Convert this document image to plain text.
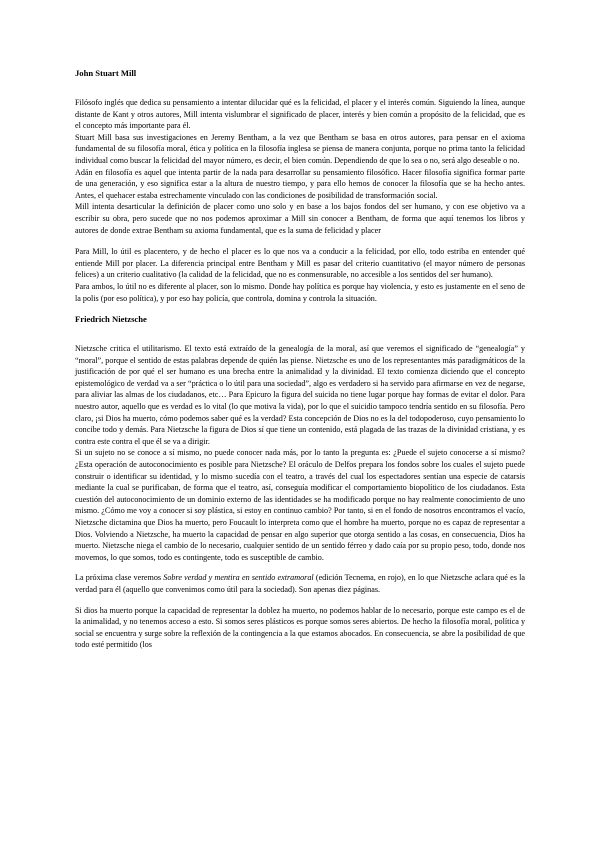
John Stuart Mill

Filósofo inglés que dedica su pensamiento a intentar dilucidar qué es la felicidad, el placer y el interés común. Siguiendo la línea, aunque distante de Kant y otros autores, Mill intenta vislumbrar el significado de placer, interés y bien común a propósito de la felicidad, que es el concepto más importante para él.

Stuart Mill basa sus investigaciones en Jeremy Bentham, a la vez que Bentham se basa en otros autores, para pensar en el axioma fundamental de su filosofía moral, ética y política en la filosofía inglesa se piensa de manera conjunta, porque no prima tanto la felicidad individual como buscar la felicidad del mayor número, es decir, el bien común. Dependiendo de que lo sea o no, será algo deseable o no.

Adán en filosofía es aquel que intenta partir de la nada para desarrollar su pensamiento filosófico. Hacer filosofía significa formar parte de una generación, y eso significa estar a la altura de nuestro tiempo, y para ello hemos de conocer la filosofía que se ha hecho antes. Antes, el quehacer estaba estrechamente vinculado con las condiciones de posibilidad de transformación social.

Mill intenta desarticular la definición de placer como uno solo y en base a los bajos fondos del ser humano, y con ese objetivo va a escribir su obra, pero sucede que no nos podemos aproximar a Mill sin conocer a Bentham, de forma que aquí tenemos los libros y autores de donde extrae Bentham su axioma fundamental, que es la suma de felicidad y placer

Para Mill, lo útil es placentero, y de hecho el placer es lo que nos va a conducir a la felicidad, por ello, todo estriba en entender qué entiende Mill por placer. La diferencia principal entre Bentham y Mill es pasar del criterio cuantitativo (el mayor número de personas felices) a un criterio cualitativo (la calidad de la felicidad, que no es conmensurable, no accesible a los sentidos del ser humano).

Para ambos, lo útil no es diferente al placer, son lo mismo. Donde hay política es porque hay violencia, y esto es justamente en el seno de la polis (por eso política), y por eso hay policía, que controla, domina y controla la situación.

Friedrich Nietzsche

Nietzsche critica el utilitarismo. El texto está extraído de la genealogía de la moral, así que veremos el significado de “genealogía” y “moral”, porque el sentido de estas palabras depende de quién las piense. Nietzsche es uno de los representantes más paradigmáticos de la justificación de por qué el ser humano es una brecha entre la animalidad y la divinidad. El texto comienza diciendo que el concepto epistemológico de verdad va a ser “práctica o lo útil para una sociedad”, algo es verdadero si ha servido para afirmarse en vez de negarse, para aliviar las almas de los ciudadanos, etc… Para Epicuro la figura del suicida no tiene lugar porque hay formas de evitar el dolor. Para nuestro autor, aquello que es verdad es lo vital (lo que motiva la vida), por lo que el suicidio tampoco tendría sentido en su filosofía. Pero claro, ¡si Dios ha muerto, cómo podemos saber qué es la verdad? Esta concepción de Dios no es la del todopoderoso, cuyo pensamiento lo concibe todo y demás. Para Nietzsche la figura de Dios sí que tiene un contenido, está plagada de las trazas de la divinidad cristiana, y es contra este contra el que él se va a dirigir.

Si un sujeto no se conoce a sí mismo, no puede conocer nada más, por lo tanto la pregunta es: ¿Puede el sujeto conocerse a sí mismo? ¿Esta operación de autoconocimiento es posible para Nietzsche? El oráculo de Delfos prepara los fondos sobre los cuales el sujeto puede construir o identificar su identidad, y lo mismo sucedía con el teatro, a través del cual los espectadores sentían una especie de catarsis mediante la cual se purificaban, de forma que el teatro, así, conseguía modificar el comportamiento biopolítico de los ciudadanos. Esta cuestión del autoconocimiento de un dominio externo de las identidades se ha modificado porque no hay realmente conocimiento de uno mismo. ¿Cómo me voy a conocer si soy plástica, si estoy en continuo cambio? Por tanto, si en el fondo de nosotros encontramos el vacío, Nietzsche dictamina que Dios ha muerto, pero Foucault lo interpreta como que el hombre ha muerto, porque no es capaz de representar a Dios. Volviendo a Nietzsche, ha muerto la capacidad de pensar en algo superior que otorga sentido a las cosas, en consecuencia, Dios ha muerto. Nietzsche niega el cambio de lo necesario, cualquier sentido de un sentido férreo y dado caía por su propio peso, todo, donde nos movemos, lo que somos, todo es contingente, todo es susceptible de cambio.

La próxima clase veremos Sobre verdad y mentira en sentido extramoral (edición Tecnema, en rojo), en lo que Nietzsche aclara qué es la verdad para él (aquello que convenimos como útil para la sociedad). Son apenas diez páginas.

Si dios ha muerto porque la capacidad de representar la doblez ha muerto, no podemos hablar de lo necesario, porque este campo es el de la animalidad, y no tenemos acceso a esto. Si somos seres plásticos es porque somos seres abiertos. De hecho la filosofía moral, política y social se encuentra y surge sobre la reflexión de la contingencia a la que estamos abocados. En consecuencia, se abre la posibilidad de que todo esté permitido (los
